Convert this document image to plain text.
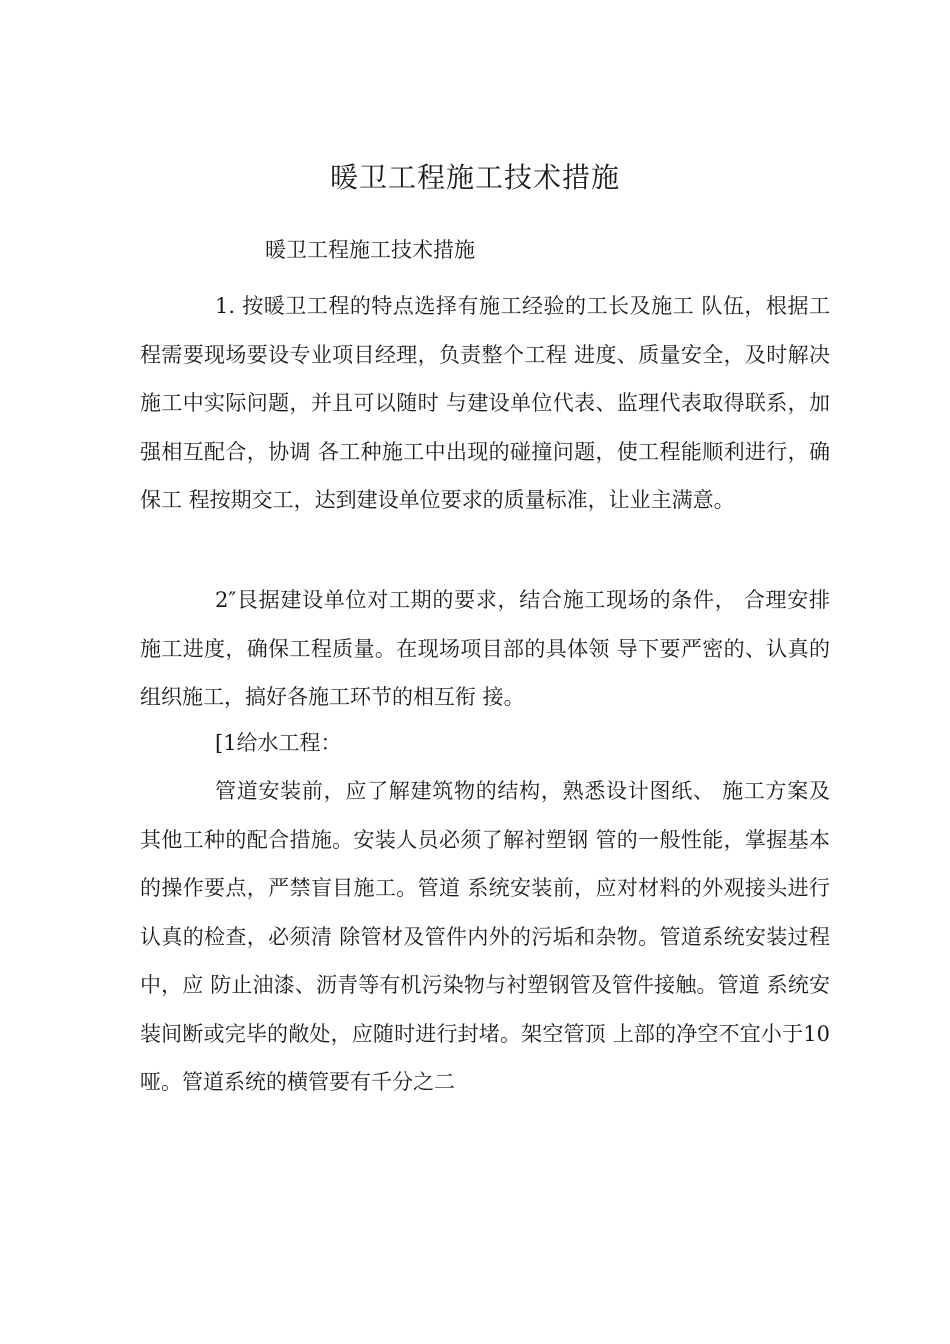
暖卫工程施工技术措施
暖卫工程施工技术措施

1. 按暖卫工程的特点选择有施工经验的工长及施工 队伍，根据工程需要现场要设专业项目经理，负责整个工程 进度、质量安全，及时解决施工中实际问题，并且可以随时 与建设单位代表、监理代表取得联系，加强相互配合，协调 各工种施工中出现的碰撞问题，使工程能顺利进行，确保工 程按期交工，达到建设单位要求的质量标准，让业主满意。

2″艮据建设单位对工期的要求，结合施工现场的条件， 合理安排施工进度，确保工程质量。在现场项目部的具体领 导下要严密的、认真的组织施工，搞好各施工环节的相互衔 接。

[1给水工程：

管道安装前，应了解建筑物的结构，熟悉设计图纸、 施工方案及其他工种的配合措施。安装人员必须了解衬塑钢 管的一般性能，掌握基本的操作要点，严禁盲目施工。管道 系统安装前，应对材料的外观接头进行认真的检查，必须清 除管材及管件内外的污垢和杂物。管道系统安装过程中，应 防止油漆、沥青等有机污染物与衬塑钢管及管件接触。管道 系统安装间断或完毕的敞处，应随时进行封堵。架空管顶 上部的净空不宜小于10哑。管道系统的横管要有千分之二
